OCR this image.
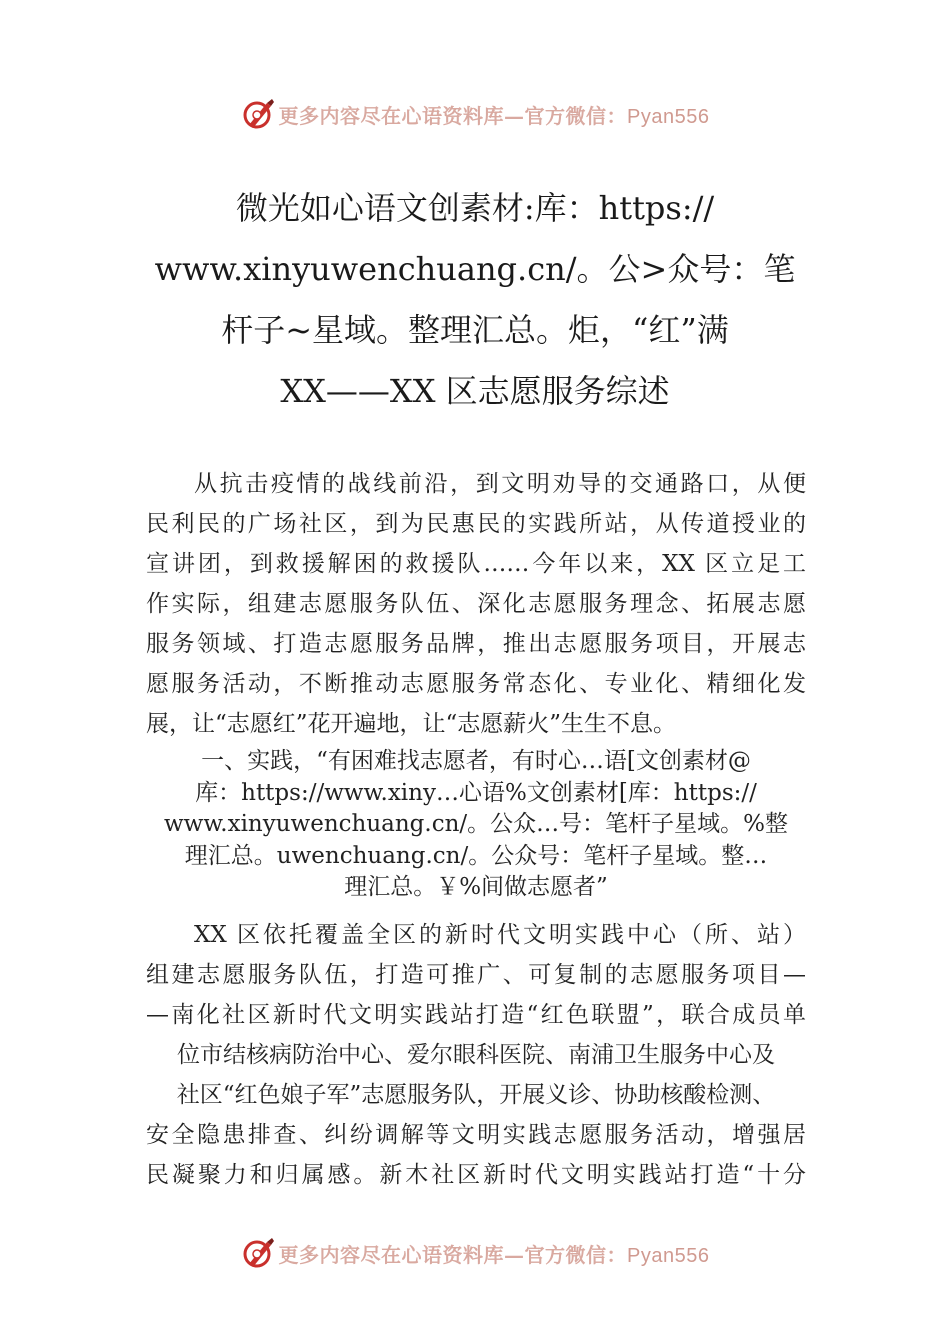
更多内容尽在心语资料库—官方微信：Pyan556
微光如心语文创素材:库：https://
www.xinyuwenchuang.cn/。公>众号：笔
杆子~星域。整理汇总。炬，“红”满
XX——XX 区志愿服务综述
从抗击疫情的战线前沿，到文明劝导的交通路口，从便
民利民的广场社区，到为民惠民的实践所站，从传道授业的
宣讲团，到救援解困的救援队……今年以来，XX 区立足工
作实际，组建志愿服务队伍、深化志愿服务理念、拓展志愿
服务领域、打造志愿服务品牌，推出志愿服务项目，开展志
愿服务活动，不断推动志愿服务常态化、专业化、精细化发
展，让“志愿红”花开遍地，让“志愿薪火”生生不息。
一、实践，“有困难找志愿者，有时心…语[文创素材@
库：https://www.xiny…心语%文创素材[库：https://
www.xinyuwenchuang.cn/。公众…号：笔杆子星域。%整
理汇总。uwenchuang.cn/。公众号：笔杆子星域。整…
理汇总。￥%间做志愿者”
XX 区依托覆盖全区的新时代文明实践中心（所、站）
组建志愿服务队伍，打造可推广、可复制的志愿服务项目—
—南化社区新时代文明实践站打造“红色联盟”，联合成员单
位市结核病防治中心、爱尔眼科医院、南浦卫生服务中心及
社区“红色娘子军”志愿服务队，开展义诊、协助核酸检测、
安全隐患排查、纠纷调解等文明实践志愿服务活动，增强居
民凝聚力和归属感。新木社区新时代文明实践站打造“十分
更多内容尽在心语资料库—官方微信：Pyan556
